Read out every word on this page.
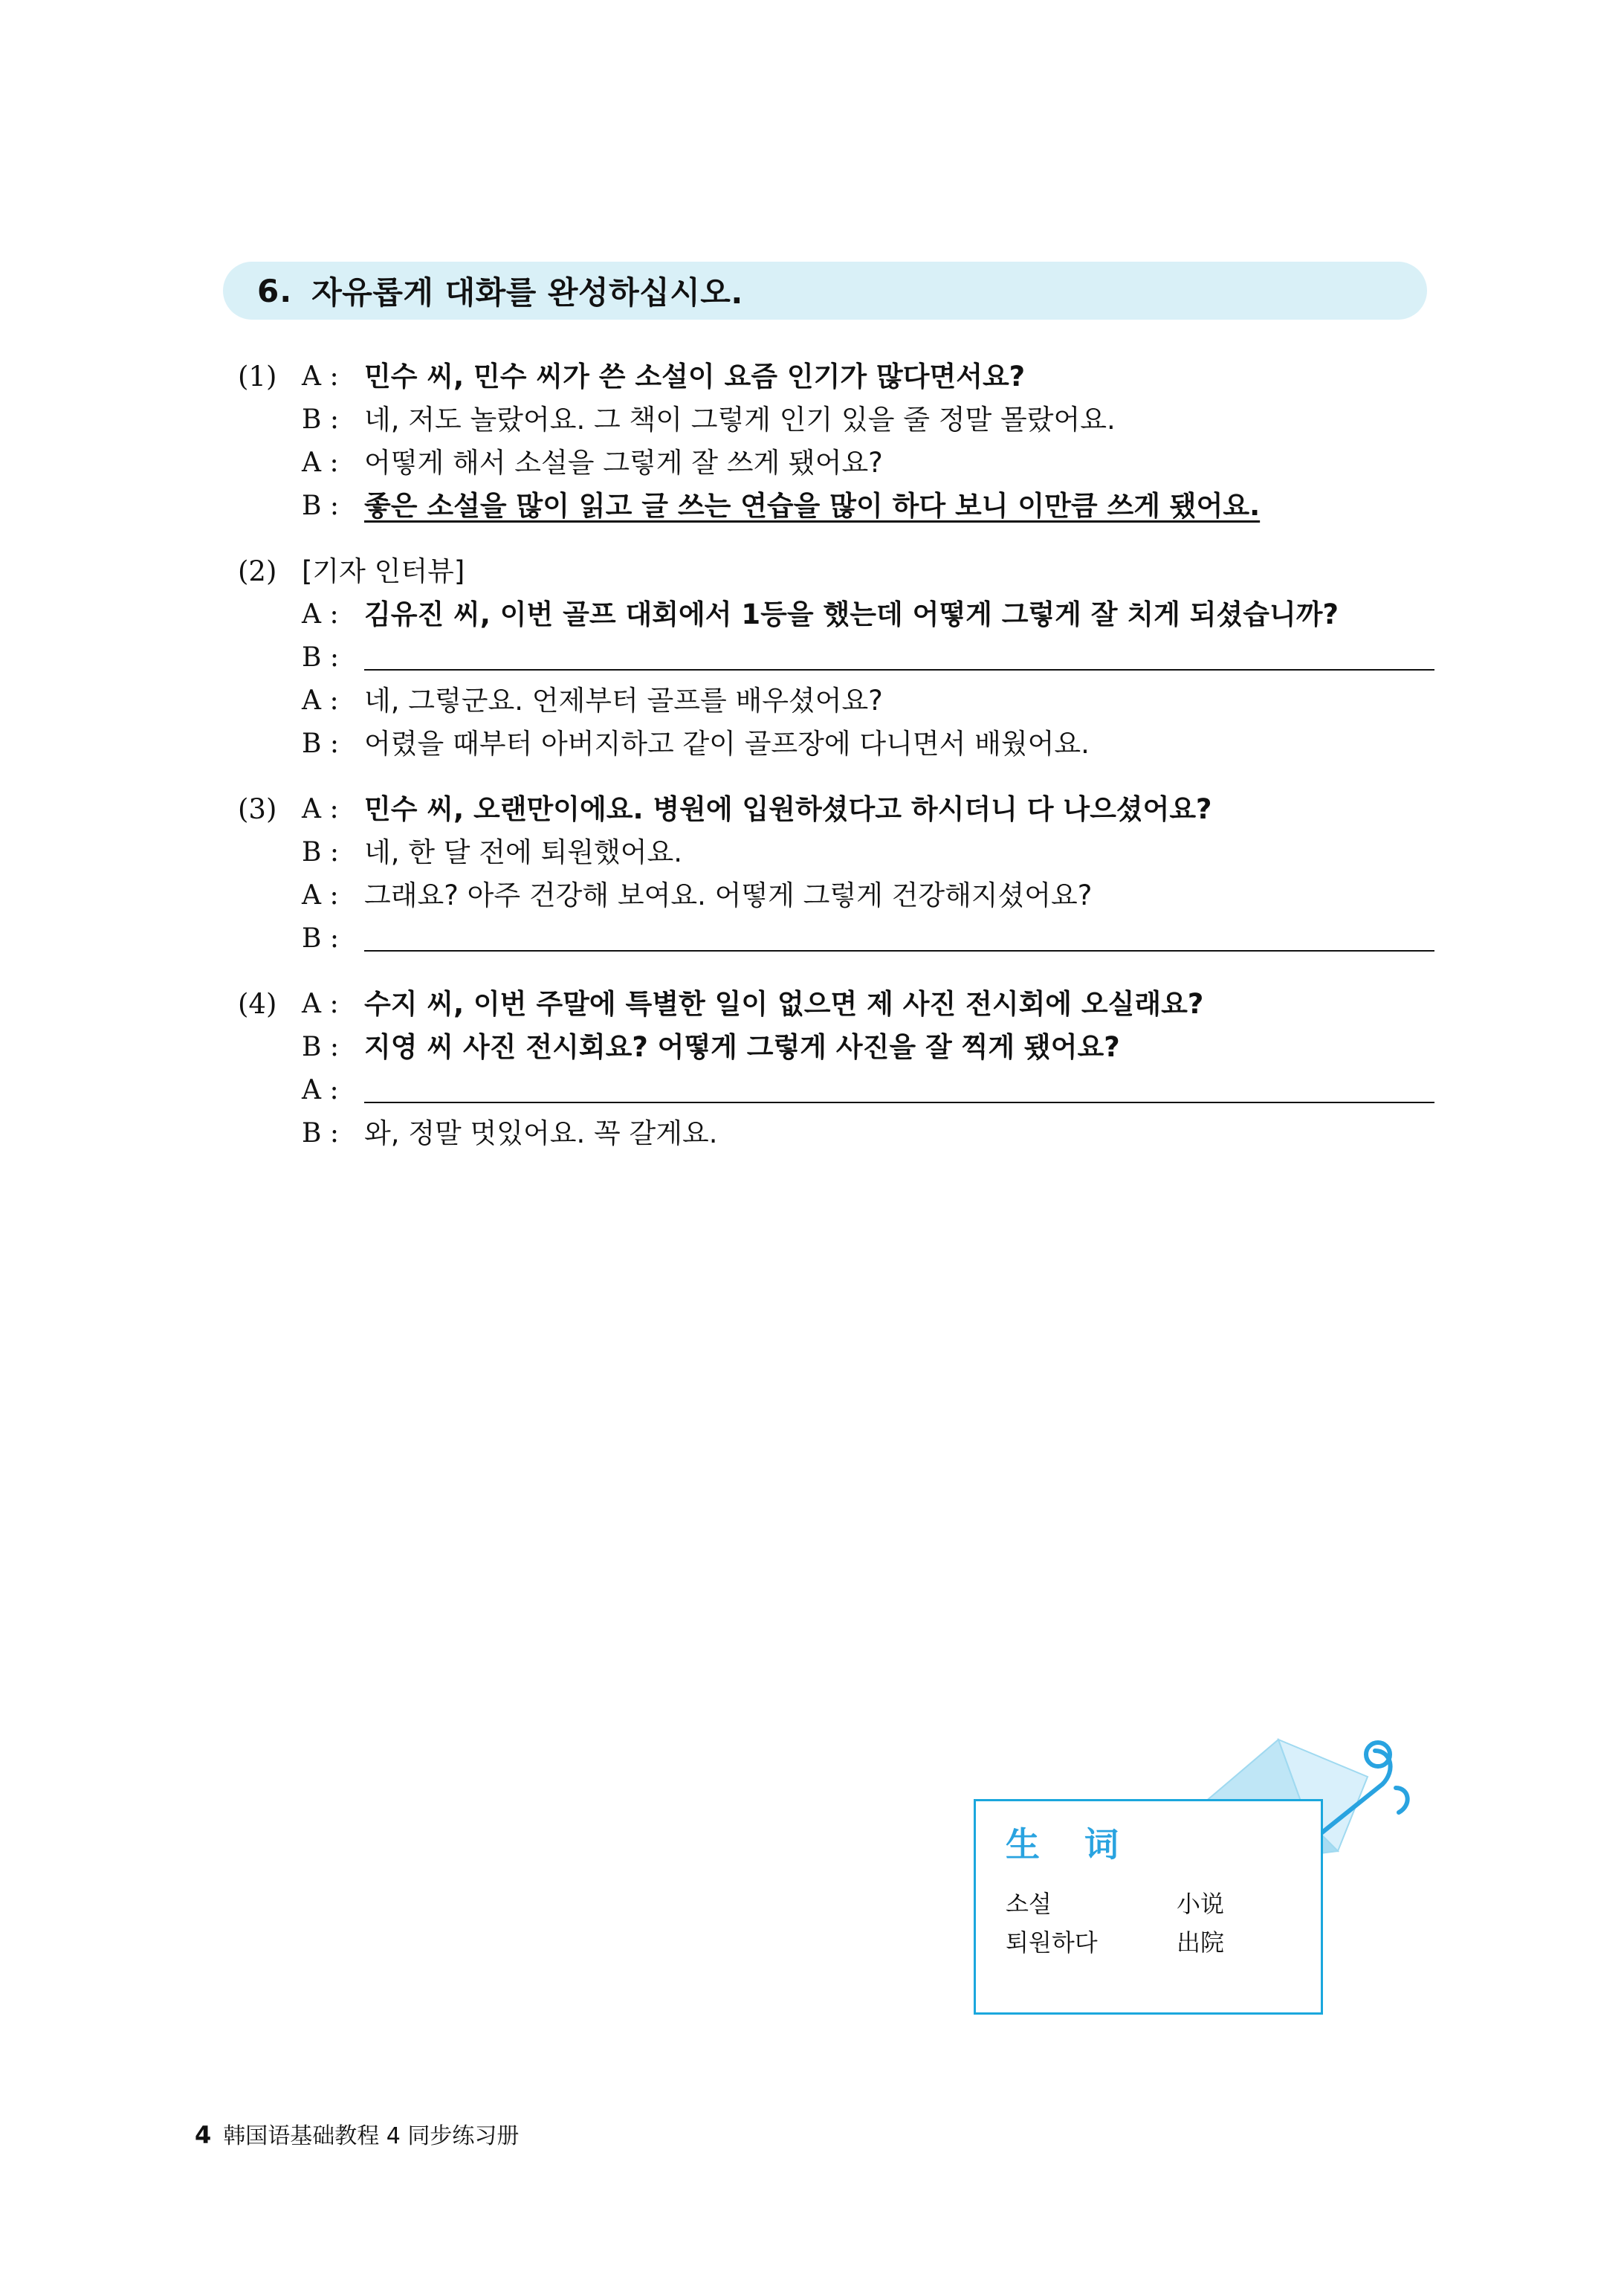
6. 자유롭게 대화를 완성하십시오.
(1) A : 민수 씨, 민수 씨가 쓴 소설이 요즘 인기가 많다면서요?
B : 네, 저도 놀랐어요. 그 책이 그렇게 인기 있을 줄 정말 몰랐어요.
A : 어떻게 해서 소설을 그렇게 잘 쓰게 됐어요?
B : 좋은 소설을 많이 읽고 글 쓰는 연습을 많이 하다 보니 이만큼 쓰게 됐어요.
(2) [기자 인터뷰]
A : 김유진 씨, 이번 골프 대회에서 1등을 했는데 어떻게 그렇게 잘 치게 되셨습니까?
B :
A : 네, 그렇군요. 언제부터 골프를 배우셨어요?
B : 어렸을 때부터 아버지하고 같이 골프장에 다니면서 배웠어요.
(3) A : 민수 씨, 오랜만이에요. 병원에 입원하셨다고 하시더니 다 나으셨어요?
B : 네, 한 달 전에 퇴원했어요.
A : 그래요? 아주 건강해 보여요. 어떻게 그렇게 건강해지셨어요?
B :
(4) A : 수지 씨, 이번 주말에 특별한 일이 없으면 제 사진 전시회에 오실래요?
B : 지영 씨 사진 전시회요? 어떻게 그렇게 사진을 잘 찍게 됐어요?
A :
B : 와, 정말 멋있어요. 꼭 갈게요.
生 词
소설	小说
퇴원하다	出院
4 韩国语基础教程 4 同步练习册
